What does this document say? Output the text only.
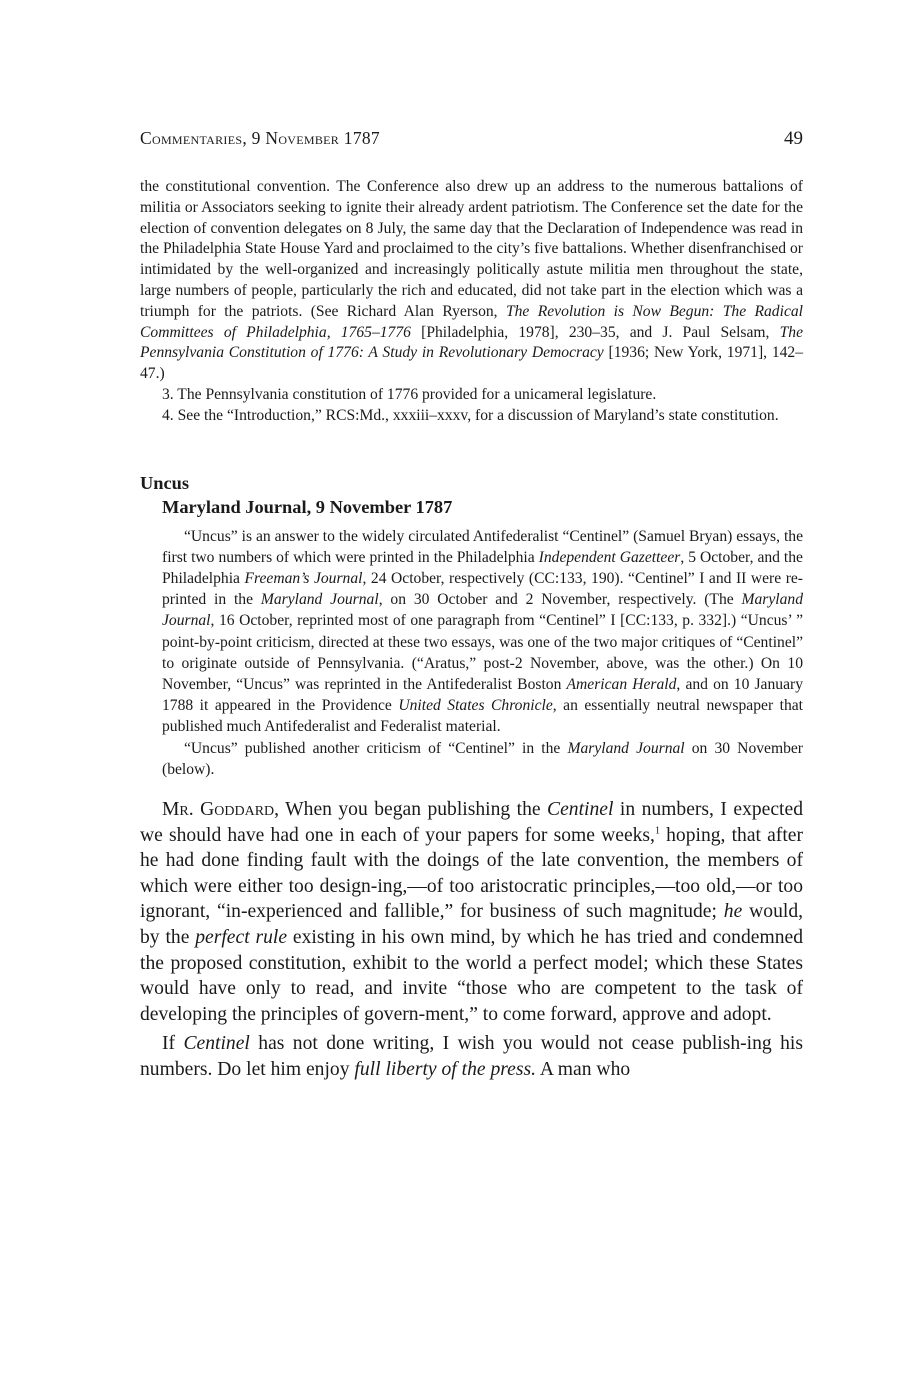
Commentaries, 9 November 1787	49

the constitutional convention. The Conference also drew up an address to the numerous battalions of militia or Associators seeking to ignite their already ardent patriotism. The Conference set the date for the election of convention delegates on 8 July, the same day that the Declaration of Independence was read in the Philadelphia State House Yard and proclaimed to the city’s five battalions. Whether disenfranchised or intimidated by the well-organized and increasingly politically astute militia men throughout the state, large numbers of people, particularly the rich and educated, did not take part in the election which was a triumph for the patriots. (See Richard Alan Ryerson, The Revolution is Now Begun: The Radical Committees of Philadelphia, 1765–1776 [Philadelphia, 1978], 230–35, and J. Paul Selsam, The Pennsylvania Constitution of 1776: A Study in Revolutionary Democracy [1936; New York, 1971], 142–47.)

3. The Pennsylvania constitution of 1776 provided for a unicameral legislature.

4. See the “Introduction,” RCS:Md., xxxiii–xxxv, for a discussion of Maryland’s state constitution.

Uncus
Maryland Journal, 9 November 1787

“Uncus” is an answer to the widely circulated Antifederalist “Centinel” (Samuel Bryan) essays, the first two numbers of which were printed in the Philadelphia Independent Gazetteer, 5 October, and the Philadelphia Freeman’s Journal, 24 October, respectively (CC:133, 190). “Centinel” I and II were re-printed in the Maryland Journal, on 30 October and 2 November, respectively. (The Maryland Journal, 16 October, reprinted most of one paragraph from “Centinel” I [CC:133, p. 332].) “Uncus’ ” point-by-point criticism, directed at these two essays, was one of the two major critiques of “Centinel” to originate outside of Pennsylvania. (“Aratus,” post-2 November, above, was the other.) On 10 November, “Uncus” was reprinted in the Antifederalist Boston American Herald, and on 10 January 1788 it appeared in the Providence United States Chronicle, an essentially neutral newspaper that published much Antifederalist and Federalist material.

“Uncus” published another criticism of “Centinel” in the Maryland Journal on 30 November (below).

Mr. Goddard, When you began publishing the Centinel in numbers, I expected we should have had one in each of your papers for some weeks,$^1$ hoping, that after he had done finding fault with the doings of the late convention, the members of which were either too design-ing,—of too aristocratic principles,—too old,—or too ignorant, “in-experienced and fallible,” for business of such magnitude; he would, by the perfect rule existing in his own mind, by which he has tried and condemned the proposed constitution, exhibit to the world a perfect model; which these States would have only to read, and invite “those who are competent to the task of developing the principles of govern-ment,” to come forward, approve and adopt.

If Centinel has not done writing, I wish you would not cease publish-ing his numbers. Do let him enjoy full liberty of the press. A man who
